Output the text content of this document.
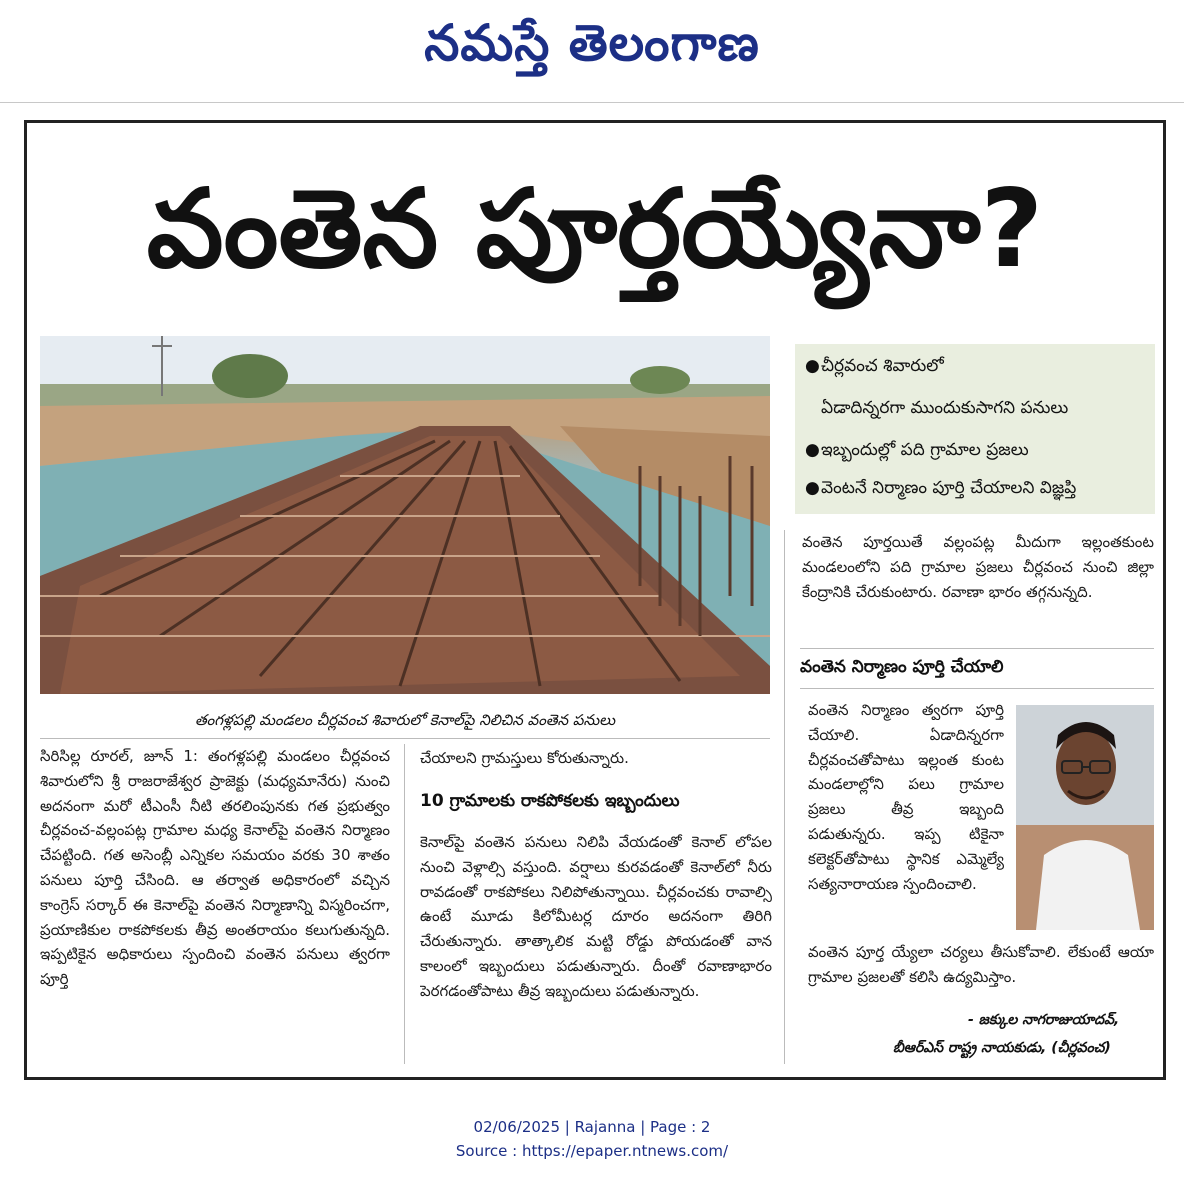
నమస్తే తెలంగాణ
వంతెన పూర్తయ్యేనా?
తంగళ్లపల్లి మండలం చీర్లవంచ శివారులో కెనాల్‌పై నిలిచిన వంతెన పనులు
●చీర్లవంచ శివారులో
ఏడాదిన్నరగా ముందుకుసాగని పనులు
●ఇబ్బందుల్లో పది గ్రామాల ప్రజలు
●వెంటనే నిర్మాణం పూర్తి చేయాలని విజ్ఞప్తి

సిరిసిల్ల రూరల్, జూన్ 1: తంగళ్లపల్లి మండలం చీర్లవంచ శివారులోని శ్రీ రాజరాజేశ్వర ప్రాజెక్టు (మధ్యమానేరు) నుంచి అదనంగా మరో టీఎంసీ నీటి తరలింపునకు గత ప్రభుత్వం చీర్లవంచ-వల్లంపట్ల గ్రామాల మధ్య కెనాల్‌పై వంతెన నిర్మాణం చేపట్టింది. గత అసెంబ్లీ ఎన్నికల సమయం వరకు 30 శాతం పనులు పూర్తి చేసింది. ఆ తర్వాత అధికారంలో వచ్చిన కాంగ్రెస్ సర్కార్ ఈ కెనాల్‌పై వంతెన నిర్మాణాన్ని విస్మరించగా, ప్రయాణికుల రాకపోకలకు తీవ్ర అంతరాయం కలుగుతున్నది. ఇప్పటికైన అధికారులు స్పందించి వంతెన పనులు త్వరగా పూర్తి

చేయాలని గ్రామస్తులు కోరుతున్నారు.

10 గ్రామాలకు రాకపోకలకు ఇబ్బందులు

కెనాల్‌పై వంతెన పనులు నిలిపి వేయడంతో కెనాల్ లోపల నుంచి వెళ్లాల్సి వస్తుంది. వర్షాలు కురవడంతో కెనాల్‌లో నీరు రావడంతో రాకపోకలు నిలిపోతున్నాయి. చీర్లవంచకు రావాల్సి ఉంటే మూడు కిలోమీటర్ల దూరం అదనంగా తిరిగి చేరుతున్నారు. తాత్కాలిక మట్టి రోడ్డు పోయడంతో వాన కాలంలో ఇబ్బందులు పడుతున్నారు. దీంతో రవాణాభారం పెరగడంతోపాటు తీవ్ర ఇబ్బందులు పడుతున్నారు.

వంతెన పూర్తయితే వల్లంపట్ల మీదుగా ఇల్లంతకుంట మండలంలోని పది గ్రామాల ప్రజలు చీర్లవంచ నుంచి జిల్లా కేంద్రానికి చేరుకుంటారు. రవాణా భారం తగ్గనున్నది.

వంతెన నిర్మాణం పూర్తి చేయాలి

వంతెన నిర్మాణం త్వరగా పూర్తి చేయాలి. ఏడాదిన్నరగా చీర్లవంచతోపాటు ఇల్లంత కుంట మండలాల్లోని పలు గ్రామాల ప్రజలు తీవ్ర ఇబ్బంది పడుతున్నరు. ఇప్ప టికైనా కలెక్టర్‌తోపాటు స్థానిక ఎమ్మెల్యే సత్యనారాయణ స్పందించాలి.

వంతెన పూర్త య్యేలా చర్యలు తీసుకోవాలి. లేకుంటే ఆయా గ్రామాల ప్రజలతో కలిసి ఉద్యమిస్తాం.

- జక్కుల నాగరాజుయాదవ్,
బీఆర్ఎస్ రాష్ట్ర నాయకుడు, (చీర్లవంచ)
02/06/2025 | Rajanna | Page : 2
Source : https://epaper.ntnews.com/
